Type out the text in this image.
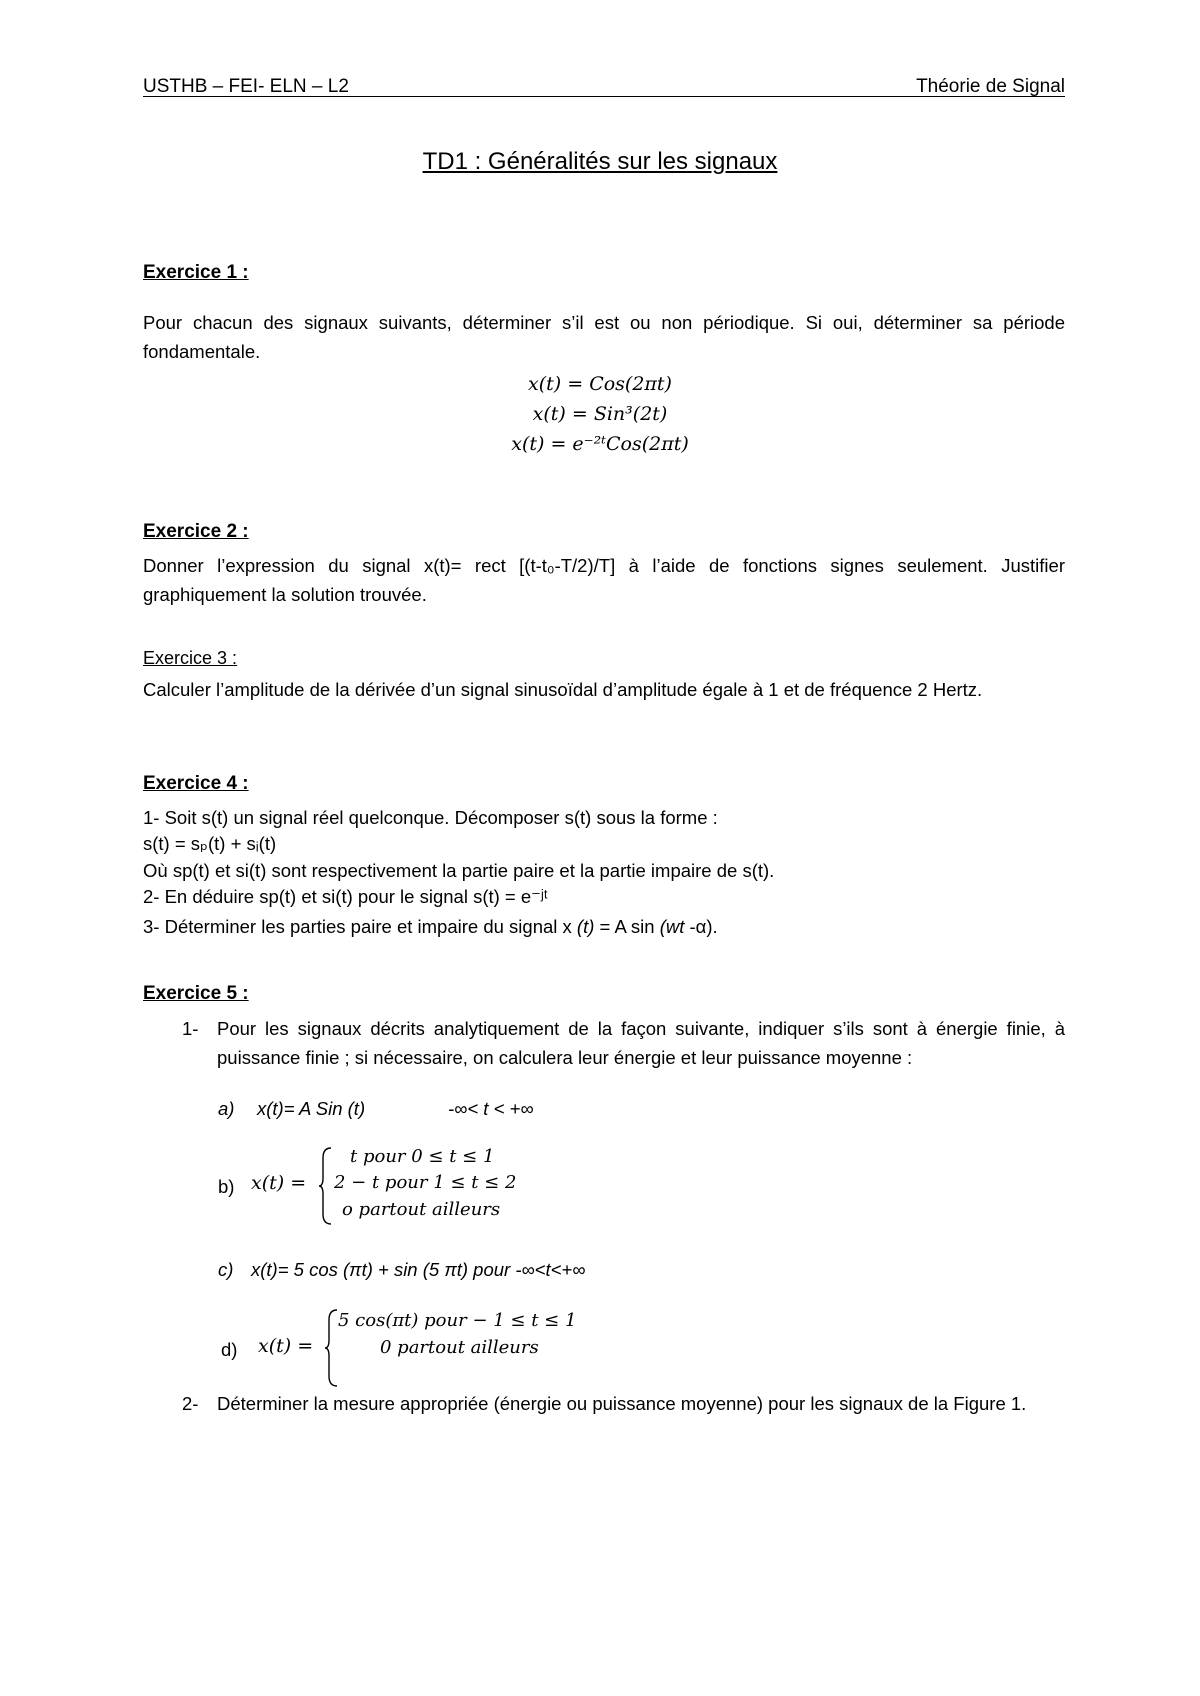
USTHB – FEI- ELN – L2	Théorie de Signal
TD1 : Généralités sur les signaux
Exercice 1 :
Pour chacun des signaux suivants, déterminer s’il est ou non périodique. Si oui, déterminer sa période fondamentale.
x(t) = Cos(2πt)
x(t) = Sin³(2t)
x(t) = e⁻²ᵗCos(2πt)
Exercice 2 :
Donner l’expression du signal x(t)= rect [(t-t₀-T/2)/T] à l’aide de fonctions signes seulement. Justifier graphiquement la solution trouvée.
Exercice 3 :
Calculer l’amplitude de la dérivée d’un signal sinusoïdal d’amplitude égale à 1 et de fréquence 2 Hertz.
Exercice 4 :
1- Soit s(t) un signal réel quelconque. Décomposer s(t) sous la forme :
s(t) = sₚ(t) + sᵢ(t)
Où sp(t) et si(t) sont respectivement la partie paire et la partie impaire de s(t).
2- En déduire sp(t) et si(t) pour le signal s(t) = e⁻ʲᵗ
3- Déterminer les parties paire et impaire du signal x (t) = A sin (wt -α).
Exercice 5 :
1- Pour les signaux décrits analytiquement de la façon suivante, indiquer s’ils sont à énergie finie, à puissance finie ; si nécessaire, on calculera leur énergie et leur puissance moyenne :
a) x(t)= A Sin (t)	-∞< t < +∞
b) x(t) =
t pour 0 ≤ t ≤ 1
2 − t pour 1 ≤ t ≤ 2
o partout ailleurs
c) x(t)= 5 cos (πt) + sin (5 πt) pour -∞<t<+∞
d) x(t) =
5 cos(πt) pour − 1 ≤ t ≤ 1
0 partout ailleurs
2- Déterminer la mesure appropriée (énergie ou puissance moyenne) pour les signaux de la Figure 1.
